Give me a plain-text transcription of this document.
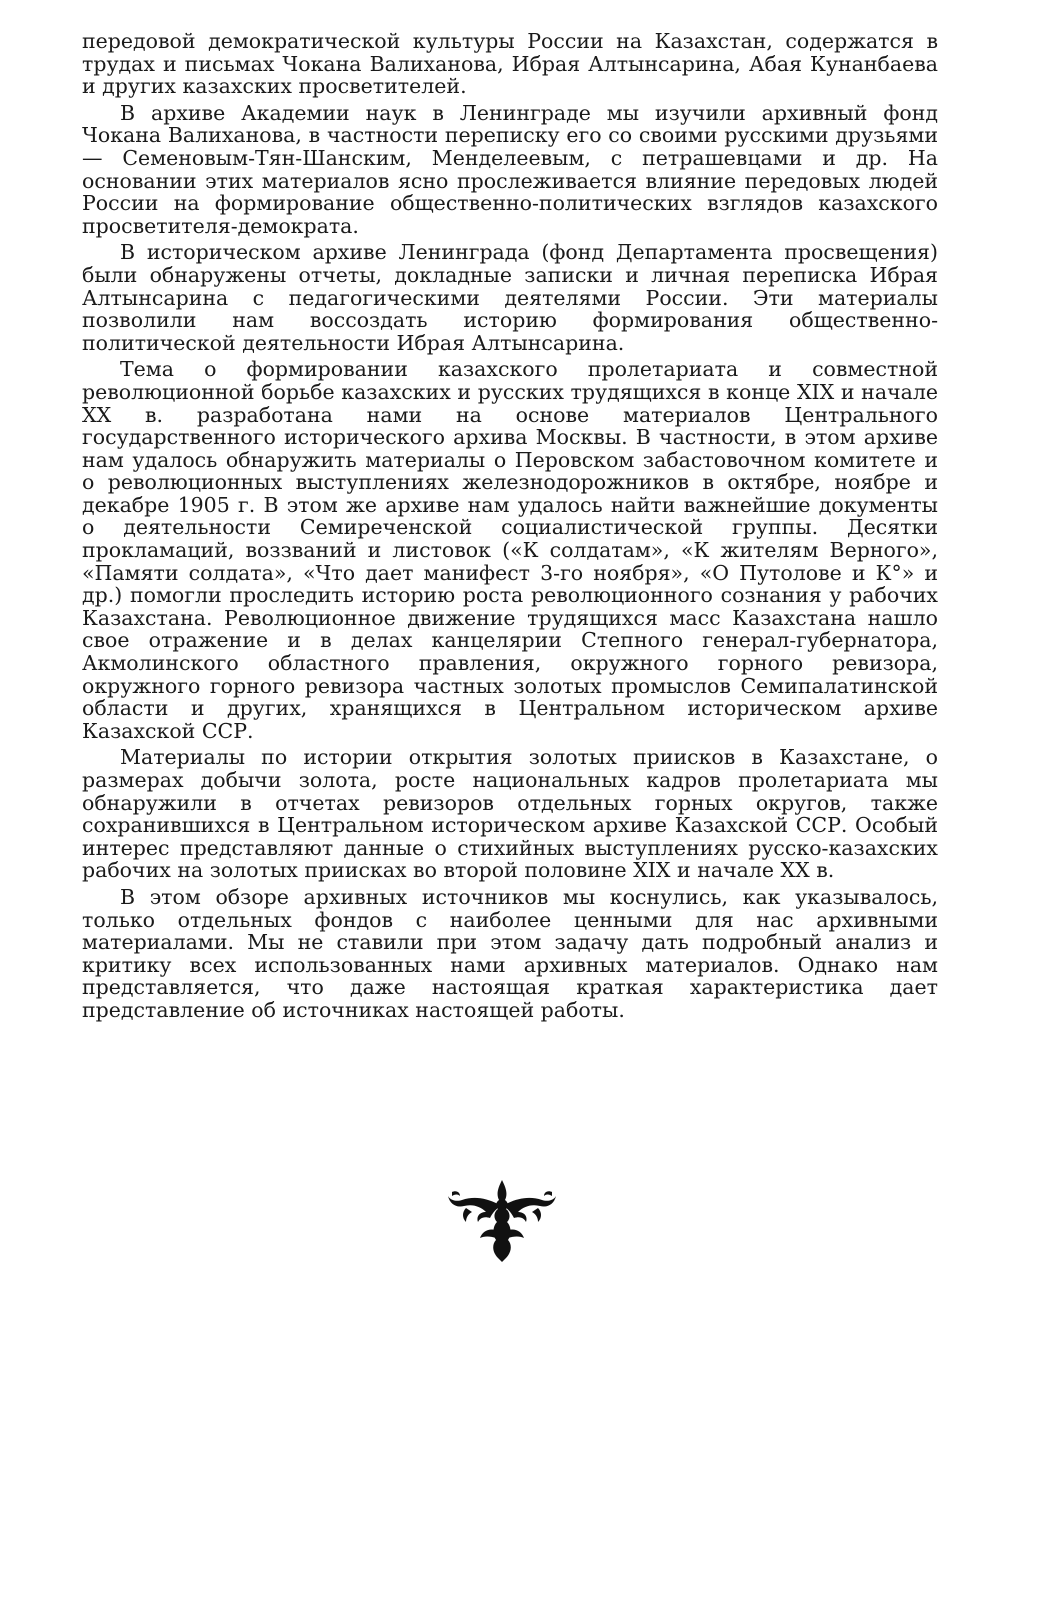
передовой демократической культуры России на Казахстан, содержатся в трудах и письмах Чокана Валиханова, Ибрая Алтынсарина, Абая Кунанбаева и других казахских просветителей.

В архиве Академии наук в Ленинграде мы изучили архивный фонд Чокана Валиханова, в частности переписку его со своими русскими друзьями — Семеновым-Тян-Шанским, Менделеевым, с петрашевцами и др. На основании этих материалов ясно прослеживается влияние передовых людей России на формирование общественно-политических взглядов казахского просветителя-демократа.

В историческом архиве Ленинграда (фонд Департамента просвещения) были обнаружены отчеты, докладные записки и личная переписка Ибрая Алтынсарина с педагогическими деятелями России. Эти материалы позволили нам воссоздать историю формирования общественно-политической деятельности Ибрая Алтынсарина.

Тема о формировании казахского пролетариата и совместной революционной борьбе казахских и русских трудящихся в конце XIX и начале XX в. разработана нами на основе материалов Центрального государственного исторического архива Москвы. В частности, в этом архиве нам удалось обнаружить материалы о Перовском забастовочном комитете и о революционных выступлениях железнодорожников в октябре, ноябре и декабре 1905 г. В этом же архиве нам удалось найти важнейшие документы о деятельности Семиреченской социалистической группы. Десятки прокламаций, воззваний и листовок («К солдатам», «К жителям Верного», «Памяти солдата», «Что дает манифест 3-го ноября», «О Путолове и К°» и др.) помогли проследить историю роста революционного сознания у рабочих Казахстана. Революционное движение трудящихся масс Казахстана нашло свое отражение и в делах канцелярии Степного генерал-губернатора, Акмолинского областного правления, окружного горного ревизора, окружного горного ревизора частных золотых промыслов Семипалатинской области и других, хранящихся в Центральном историческом архиве Казахской ССР.

Материалы по истории открытия золотых приисков в Казахстане, о размерах добычи золота, росте национальных кадров пролетариата мы обнаружили в отчетах ревизоров отдельных горных округов, также сохранившихся в Центральном историческом архиве Казахской ССР. Особый интерес представляют данные о стихийных выступлениях русско-казахских рабочих на золотых приисках во второй половине XIX и начале XX в.

В этом обзоре архивных источников мы коснулись, как указывалось, только отдельных фондов с наиболее ценными для нас архивными материалами. Мы не ставили при этом задачу дать подробный анализ и критику всех использованных нами архивных материалов. Однако нам представляется, что даже настоящая краткая характеристика дает представление об источниках настоящей работы.
